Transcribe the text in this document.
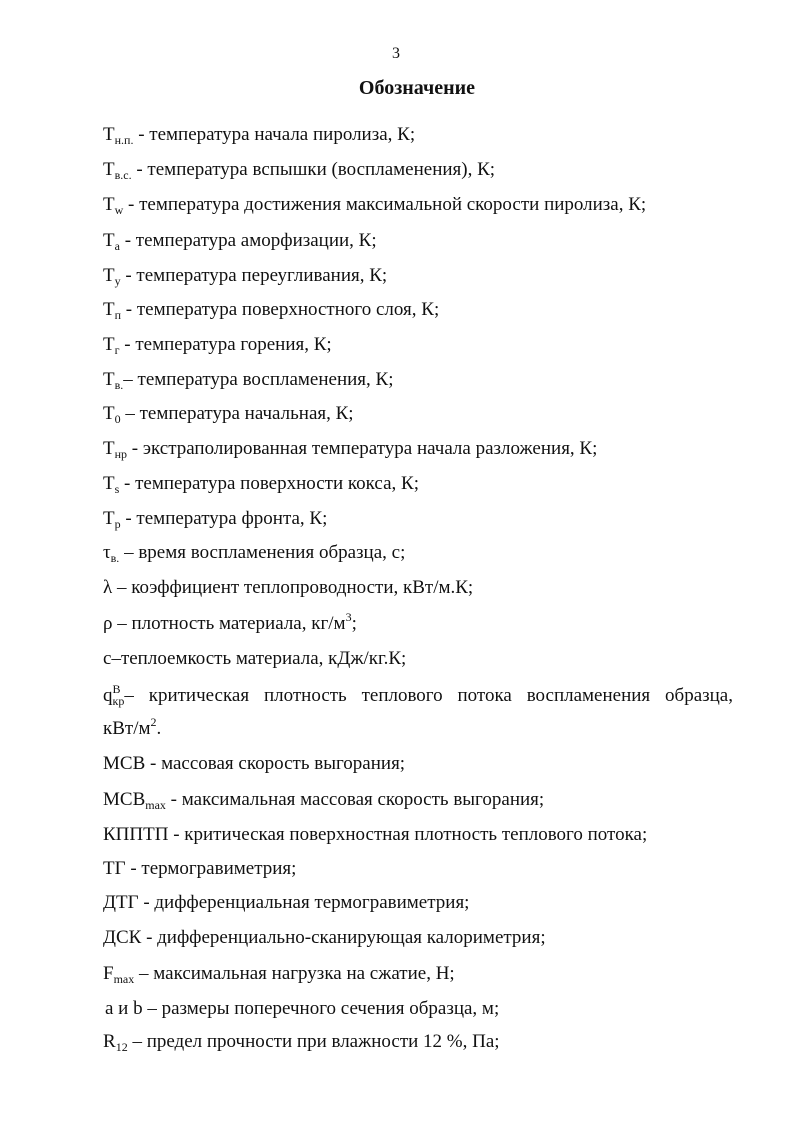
3
Обозначение

$T_{н.п.}$ - температура начала пиролиза, К;

$T_{в.с.}$ - температура вспышки (воспламенения), К;

$T_w$ - температура достижения максимальной скорости пиролиза, К;

$T_a$ - температура аморфизации, К;

$T_у$ - температура переугливания, К;

$T_п$ - температура поверхностного слоя, К;

$T_г$ - температура горения, К;

$T_{в.}-$ температура воспламенения, К;

$T_0$ – температура начальная, К;

$T_{нр}$ - экстраполированная температура начала разложения, К;

$T_s$ - температура поверхности кокса, К;

$T_p$ - температура фронта, К;

$\tau_{в.}$ – время воспламенения образца, с;

λ – коэффициент теплопроводности, кВт/м.К;

ρ – плотность материала, $кг/м^3$;

с–теплоемкость материала, кДж/кг.К;

$q^В_{кр}-$ критическая плотность теплового потока воспламенения образца,

кВт/$м^2$.

МСВ - массовая скорость выгорания;

$МСВ_{max}$ - максимальная массовая скорость выгорания;

КППТП - критическая поверхностная плотность теплового потока;

ТГ - термогравиметрия;

ДТГ - дифференциальная термогравиметрия;

ДСК - дифференциально-сканирующая калориметрия;

$F_{max}$ – максимальная нагрузка на сжатие, Н;

a и b – размеры поперечного сечения образца, м;

$R_{12}$ – предел прочности при влажности 12 %, Па;
